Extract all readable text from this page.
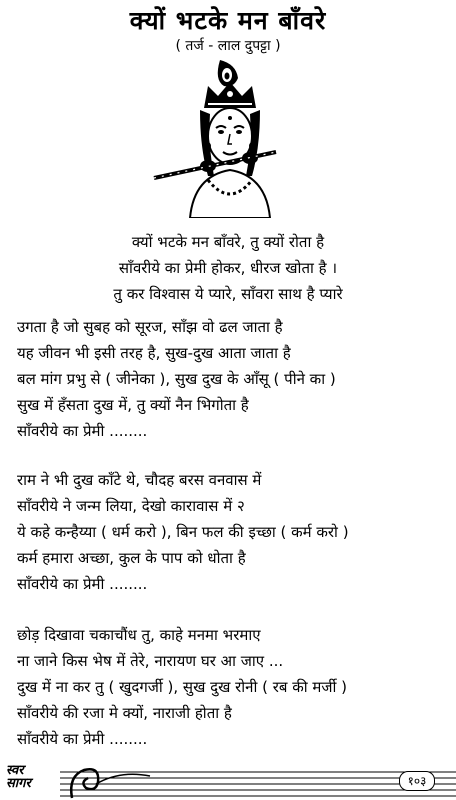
क्यों भटके मन बाँवरे
( तर्ज - लाल दुपट्टा )
क्यों भटके मन बाँवरे, तु क्यों रोता है
साँवरीये का प्रेमी होकर, धीरज खोता है ।
तु कर विश्वास ये प्यारे, साँवरा साथ है प्यारे
उगता है जो सुबह को सूरज, साँझ वो ढल जाता है
यह जीवन भी इसी तरह है, सुख-दुख आता जाता है
बल मांग प्रभु से ( जीनेका ), सुख दुख के आँसू ( पीने का )
सुख में हँसता दुख में, तु क्यों नैन भिगोता है
साँवरीये का प्रेमी ........
राम ने भी दुख काँटे थे, चौदह बरस वनवास में
साँवरीये ने जन्म लिया, देखो कारावास में २
ये कहे कन्हैय्या ( धर्म करो ), बिन फल की इच्छा ( कर्म करो )
कर्म हमारा अच्छा, कुल के पाप को धोता है
साँवरीये का प्रेमी ........
छोड़ दिखावा चकाचौंध तु, काहे मनमा भरमाए
ना जाने किस भेष में तेरे, नारायण घर आ जाए ...
दुख में ना कर तु ( खुदगर्जी ), सुख दुख रोनी ( रब की मर्जी )
साँवरीये की रजा मे क्यों, नाराजी होता है
साँवरीये का प्रेमी ........
स्वर
सागर	१०३
